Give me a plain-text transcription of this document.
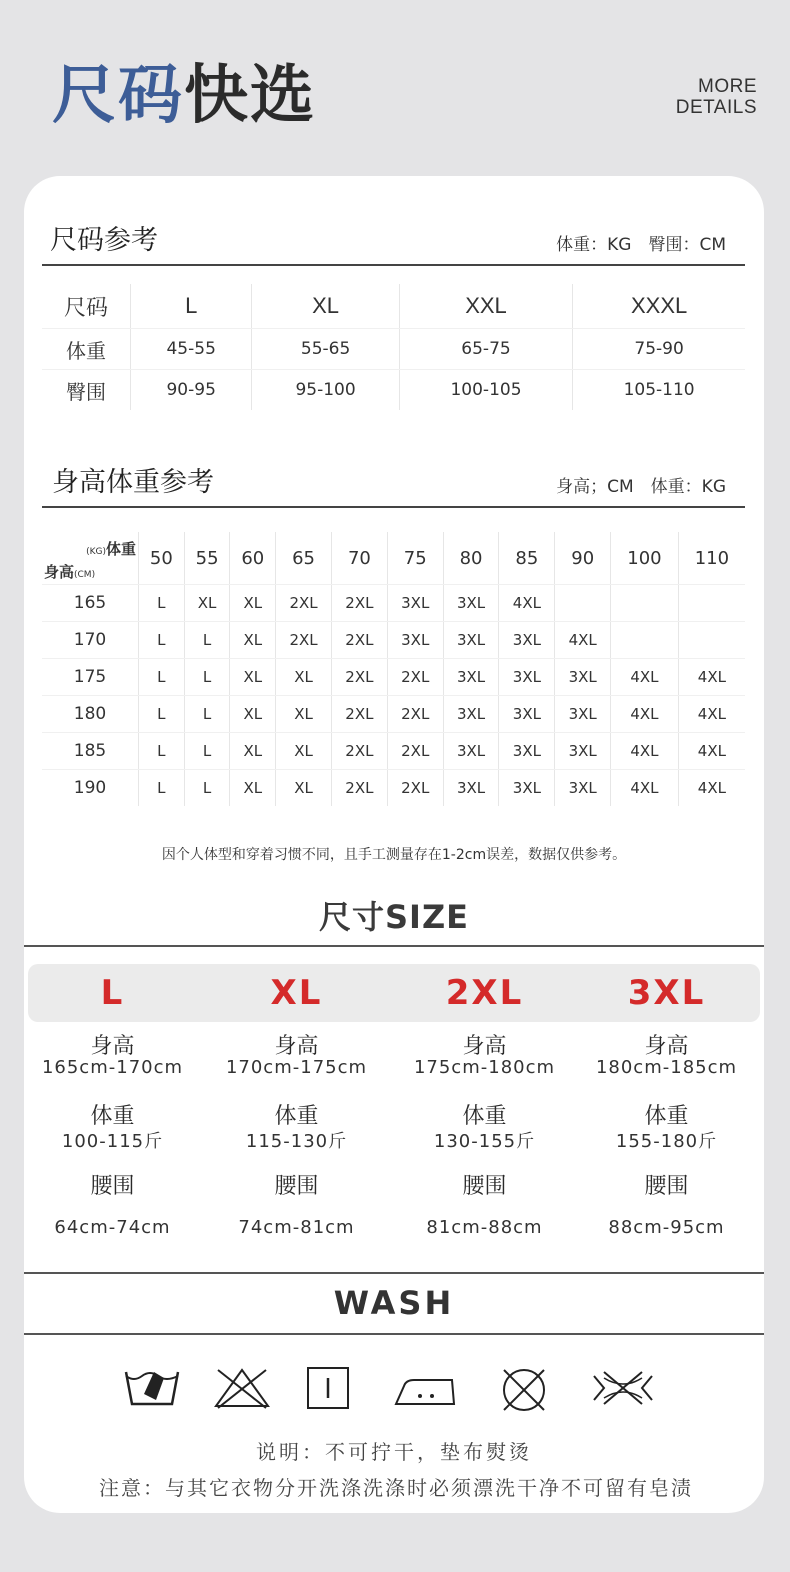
尺码快选	MORE
DETAILS
尺码参考	体重：KG　臀围：CM
尺码	L	XL	XXL	XXXL
体重	45-55	55-65	65-75	75-90
臀围	90-95	95-100	100-105	105-110
身高体重参考	身高；CM　体重：KG
(KG)体重
身高(CM)	50	55	60	65	70	75	80	85	90	100	110
165	L	XL	XL	2XL	2XL	3XL	3XL	4XL			
170	L	L	XL	2XL	2XL	3XL	3XL	3XL	4XL		
175	L	L	XL	XL	2XL	2XL	3XL	3XL	3XL	4XL	4XL
180	L	L	XL	XL	2XL	2XL	3XL	3XL	3XL	4XL	4XL
185	L	L	XL	XL	2XL	2XL	3XL	3XL	3XL	4XL	4XL
190	L	L	XL	XL	2XL	2XL	3XL	3XL	3XL	4XL	4XL
因个人体型和穿着习惯不同，且手工测量存在1-2cm误差，数据仅供参考。
尺寸SIZE
L
身高
165cm-170cm
体重
100-115斤
腰围
64cm-74cm
XL
身高
170cm-175cm
体重
115-130斤
腰围
74cm-81cm
2XL
身高
175cm-180cm
体重
130-155斤
腰围
81cm-88cm
3XL
身高
180cm-185cm
体重
155-180斤
腰围
88cm-95cm
WASH
说明：不可拧干，垫布熨烫
注意：与其它衣物分开洗涤洗涤时必须漂洗干净不可留有皂渍
